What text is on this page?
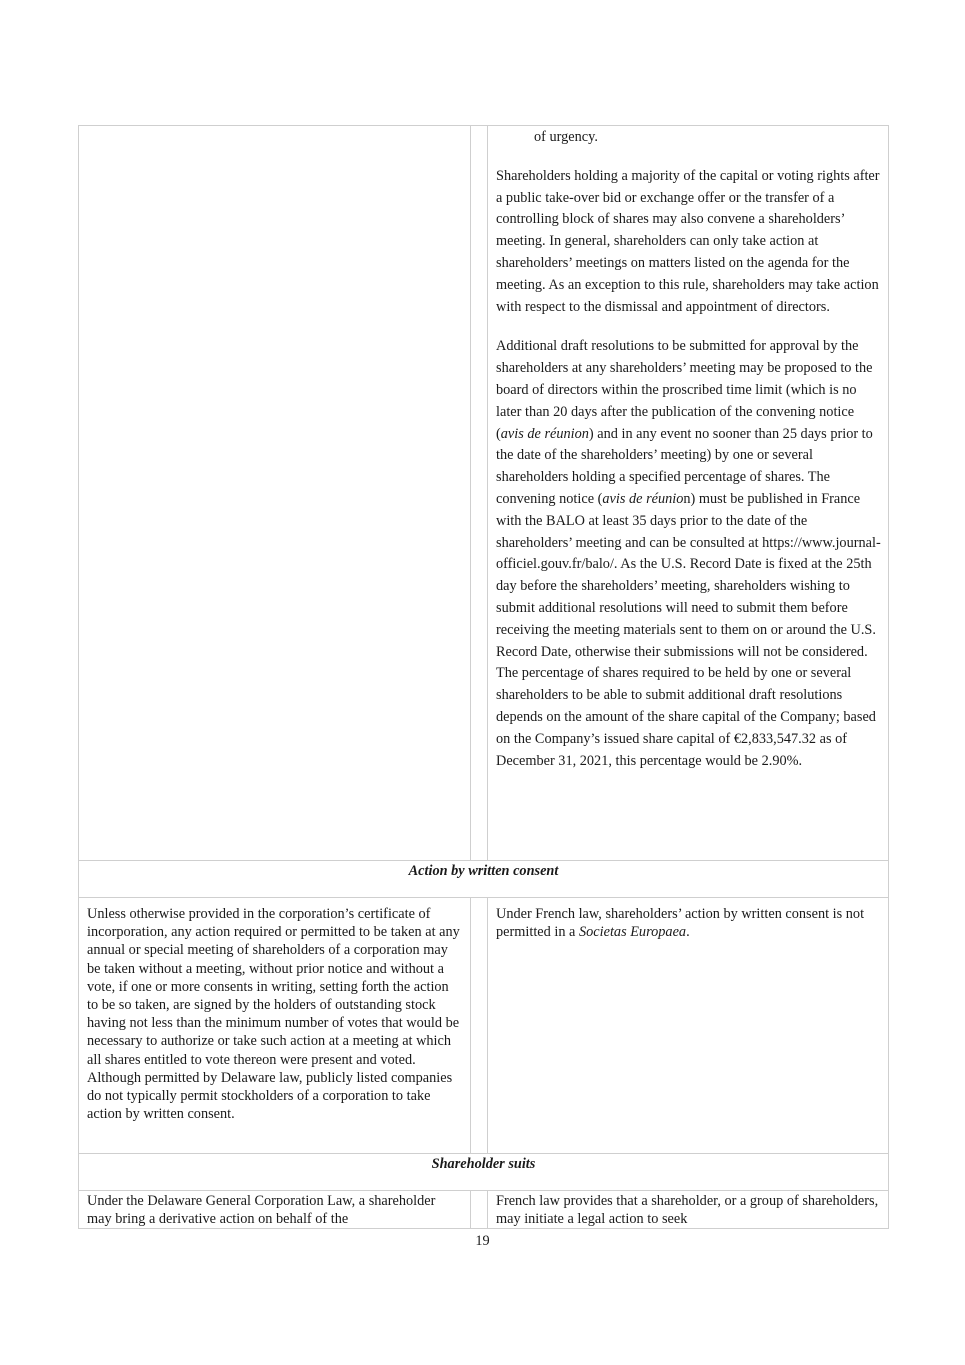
		of urgency.

Shareholders holding a majority of the capital or voting rights after a public take-over bid or exchange offer or the transfer of a controlling block of shares may also convene a shareholders’ meeting. In general, shareholders can only take action at shareholders’ meetings on matters listed on the agenda for the meeting. As an exception to this rule, shareholders may take action with respect to the dismissal and appointment of directors.

Additional draft resolutions to be submitted for approval by the shareholders at any shareholders’ meeting may be proposed to the board of directors within the proscribed time limit (which is no later than 20 days after the publication of the convening notice (avis de réunion) and in any event no sooner than 25 days prior to the date of the shareholders’ meeting) by one or several shareholders holding a specified percentage of shares. The convening notice (avis de réunion) must be published in France with the BALO at least 35 days prior to the date of the shareholders’ meeting and can be consulted at https://www.journal-officiel.gouv.fr/balo/. As the U.S. Record Date is fixed at the 25th day before the shareholders’ meeting, shareholders wishing to submit additional resolutions will need to submit them before receiving the meeting materials sent to them on or around the U.S. Record Date, otherwise their submissions will not be considered. The percentage of shares required to be held by one or several shareholders to be able to submit additional draft resolutions depends on the amount of the share capital of the Company; based on the Company’s issued share capital of €2,833,547.32 as of December 31, 2021, this percentage would be 2.90%.

Action by written consent		

Unless otherwise provided in the corporation’s certificate of incorporation, any action required or permitted to be taken at any annual or special meeting of shareholders of a corporation may be taken without a meeting, without prior notice and without a vote, if one or more consents in writing, setting forth the action to be so taken, are signed by the holders of outstanding stock having not less than the minimum number of votes that would be necessary to authorize or take such action at a meeting at which all shares entitled to vote thereon were present and voted. Although permitted by Delaware law, publicly listed companies do not typically permit stockholders of a corporation to take action by written consent.		Under French law, shareholders’ action by written consent is not permitted in a Societas Europaea.

Shareholder suits		

Under the Delaware General Corporation Law, a shareholder may bring a derivative action on behalf of the		French law provides that a shareholder, or a group of shareholders, may initiate a legal action to seek
19
